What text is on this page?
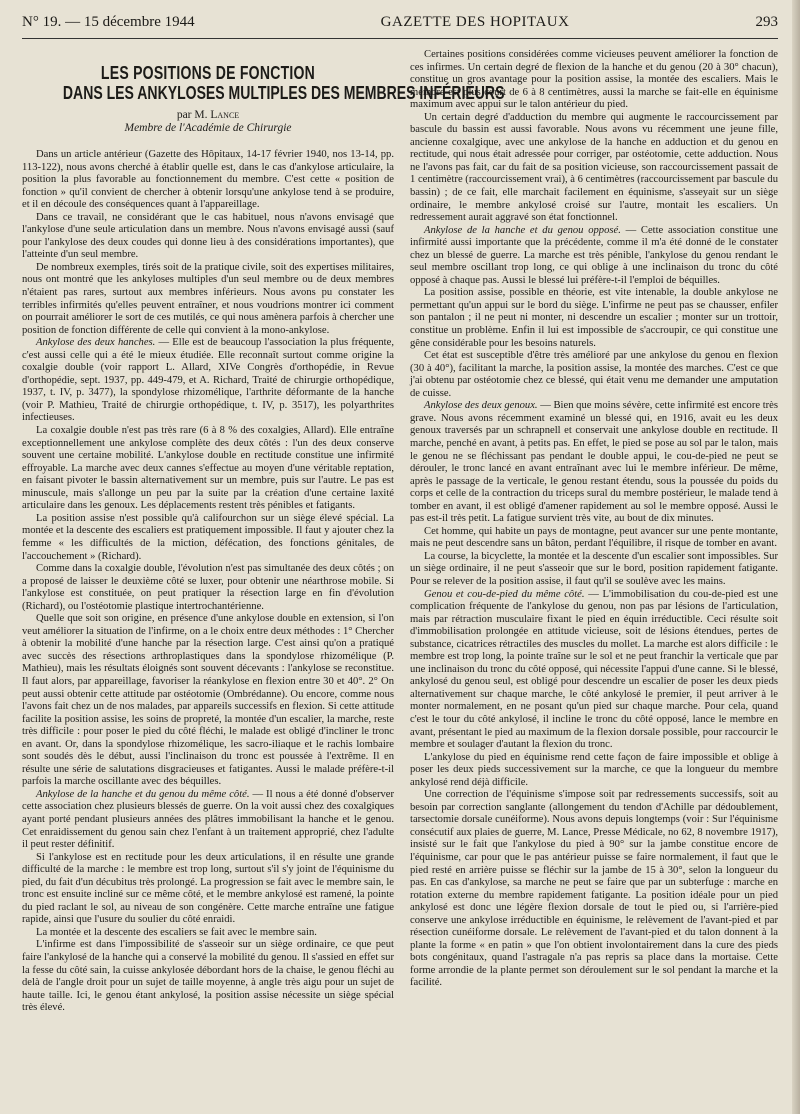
N° 19. — 15 décembre 1944	GAZETTE DES HOPITAUX	293
LES POSITIONS DE FONCTION
DANS LES ANKYLOSES MULTIPLES DES MEMBRES INFÉRIEURS
par M. Lance
Membre de l'Académie de Chirurgie

Dans un article antérieur (Gazette des Hôpitaux, 14-17 février 1940, nos 13-14, pp. 113-122), nous avons cherché à établir quelle est, dans le cas d'ankylose articulaire, la position la plus favorable au fonctionnement du membre. C'est cette « position de fonction » qu'il convient de chercher à obtenir lorsqu'une ankylose tend à se produire, et il en découle des conséquences quant à l'appareillage.

Dans ce travail, ne considérant que le cas habituel, nous n'avons envisagé que l'ankylose d'une seule articulation dans un membre. Nous n'avons envisagé aussi (sauf pour l'ankylose des deux coudes qui donne lieu à des considérations importantes), que l'atteinte d'un seul membre.

De nombreux exemples, tirés soit de la pratique civile, soit des expertises militaires, nous ont montré que les ankyloses multiples d'un seul membre ou de deux membres n'étaient pas rares, surtout aux membres inférieurs. Nous avons pu constater les terribles infirmités qu'elles peuvent entraîner, et nous voudrions montrer ici comment on pourrait améliorer le sort de ces mutilés, ce qui nous amènera parfois à chercher une position de fonction différente de celle qui convient à la mono-ankylose.

Ankylose des deux hanches. — Elle est de beaucoup l'association la plus fréquente, c'est aussi celle qui a été le mieux étudiée. Elle reconnaît surtout comme origine la coxalgie double (voir rapport L. Allard, XIVe Congrès d'orthopédie, in Revue d'orthopédie, sept. 1937, pp. 449-479, et A. Richard, Traité de chirurgie orthopédique, 1937, t. IV, p. 3477), la spondylose rhizomélique, l'arthrite déformante de la hanche (voir P. Mathieu, Traité de chirurgie orthopédique, t. IV, p. 3517), les polyarthrites infectieuses.

La coxalgie double n'est pas très rare (6 à 8 % des coxalgies, Allard). Elle entraîne exceptionnellement une ankylose complète des deux côtés : l'un des deux conserve souvent une certaine mobilité. L'ankylose double en rectitude constitue une infirmité effroyable. La marche avec deux cannes s'effectue au moyen d'une véritable reptation, en faisant pivoter le bassin alternativement sur un membre, puis sur l'autre. Le pas est minuscule, mais s'allonge un peu par la suite par la création d'une certaine laxité articulaire dans les genoux. Les déplacements restent très pénibles et fatigants.

La position assise n'est possible qu'à califourchon sur un siège élevé spécial. La montée et la descente des escaliers est pratiquement impossible. Il faut y ajouter chez la femme « les difficultés de la miction, défécation, des fonctions génitales, de l'accouchement » (Richard).

Comme dans la coxalgie double, l'évolution n'est pas simultanée des deux côtés ; on a proposé de laisser le deuxième côté se luxer, pour obtenir une néarthrose mobile. Si l'ankylose est constituée, on peut pratiquer la résection large en fin d'évolution (Richard), ou l'ostéotomie plastique intertrochantérienne.

Quelle que soit son origine, en présence d'une ankylose double en extension, si l'on veut améliorer la situation de l'infirme, on a le choix entre deux méthodes : 1° Chercher à obtenir la mobilité d'une hanche par la résection large. C'est ainsi qu'on a pratiqué avec succès des résections arthroplastiques dans la spondylose rhizomélique (P. Mathieu), mais les résultats éloignés sont souvent décevants : l'ankylose se reconstitue. Il faut alors, par appareillage, favoriser la réankylose en flexion entre 30 et 40°. 2° On peut aussi obtenir cette attitude par ostéotomie (Ombrédanne). Ou encore, comme nous l'avons fait chez un de nos malades, par appareils successifs en flexion. Si cette attitude facilite la position assise, les soins de propreté, la montée d'un escalier, la marche, reste très difficile : pour poser le pied du côté fléchi, le malade est obligé d'incliner le tronc en avant. Or, dans la spondylose rhizomélique, les sacro-iliaque et le rachis lombaire sont soudés dès le début, aussi l'inclinaison du tronc est poussée à l'extrême. Il en résulte une série de salutations disgracieuses et fatigantes. Aussi le malade préfère-t-il parfois la marche oscillante avec des béquilles.

Ankylose de la hanche et du genou du même côté. — Il nous a été donné d'observer cette association chez plusieurs blessés de guerre. On la voit aussi chez des coxalgiques ayant porté pendant plusieurs années des plâtres immobilisant la hanche et le genou. Cet enraidissement du genou sain chez l'enfant à un traitement approprié, chez l'adulte il peut rester définitif.

Si l'ankylose est en rectitude pour les deux articulations, il en résulte une grande difficulté de la marche : le membre est trop long, surtout s'il s'y joint de l'équinisme du pied, du fait d'un décubitus très prolongé. La progression se fait avec le membre sain, le tronc est ensuite incliné sur ce même côté, et le membre ankylosé est ramené, la pointe du pied raclant le sol, au niveau de son congénère. Cette marche entraîne une fatigue rapide, ainsi que l'usure du soulier du côté enraidi.

La montée et la descente des escaliers se fait avec le membre sain.

L'infirme est dans l'impossibilité de s'asseoir sur un siège ordinaire, ce que peut faire l'ankylosé de la hanche qui a conservé la mobilité du genou. Il s'assied en effet sur la fesse du côté sain, la cuisse ankylosée débordant hors de la chaise, le genou fléchi au delà de l'angle droit pour un sujet de taille moyenne, à angle très aigu pour un sujet de haute taille. Ici, le genou étant ankylosé, la position assise nécessite un siège spécial très élevé.

Certaines positions considérées comme vicieuses peuvent améliorer la fonction de ces infirmes. Un certain degré de flexion de la hanche et du genou (20 à 30° chacun), constitue un gros avantage pour la position assise, la montée des escaliers. Mais le membre est plus court de 6 à 8 centimètres, aussi la marche se fait-elle en équinisme maximum avec appui sur le talon antérieur du pied.

Un certain degré d'adduction du membre qui augmente le raccourcissement par bascule du bassin est aussi favorable. Nous avons vu récemment une jeune fille, ancienne coxalgique, avec une ankylose de la hanche en adduction et du genou en rectitude, qui nous était adressée pour corriger, par ostéotomie, cette adduction. Nous ne l'avons pas fait, car du fait de sa position vicieuse, son raccourcissement passait de 1 centimètre (raccourcissement vrai), à 6 centimètres (raccourcissement par bascule du bassin) ; de ce fait, elle marchait facilement en équinisme, s'asseyait sur un siège ordinaire, le membre ankylosé croisé sur l'autre, montait les escaliers. Un redressement aurait aggravé son état fonctionnel.

Ankylose de la hanche et du genou opposé. — Cette association constitue une infirmité aussi importante que la précédente, comme il m'a été donné de le constater chez un blessé de guerre. La marche est très pénible, l'ankylose du genou rendant le seul membre oscillant trop long, ce qui oblige à une inclinaison du tronc du côté opposé à chaque pas. Aussi le blessé lui préfère-t-il l'emploi de béquilles.

La position assise, possible en théorie, est vite intenable, la double ankylose ne permettant qu'un appui sur le bord du siège. L'infirme ne peut pas se chausser, enfiler son pantalon ; il ne peut ni monter, ni descendre un escalier ; monter sur un trottoir, constitue un problème. Enfin il lui est impossible de s'accroupir, ce qui constitue une gêne considérable pour les besoins naturels.

Cet état est susceptible d'être très amélioré par une ankylose du genou en flexion (30 à 40°), facilitant la marche, la position assise, la montée des marches. C'est ce que j'ai obtenu par ostéotomie chez ce blessé, qui était venu me demander une amputation de cuisse.

Ankylose des deux genoux. — Bien que moins sévère, cette infirmité est encore très grave. Nous avons récemment examiné un blessé qui, en 1916, avait eu les deux genoux traversés par un schrapnell et conservait une ankylose double en rectitude. Il marche, penché en avant, à petits pas. En effet, le pied se pose au sol par le talon, mais le genou ne se fléchissant pas pendant le double appui, le cou-de-pied ne peut se dérouler, le tronc lancé en avant entraînant avec lui le membre inférieur. De même, après le passage de la verticale, le genou restant étendu, sous la poussée du poids du corps et celle de la contraction du triceps sural du membre postérieur, le malade tend à tomber en avant, il est obligé d'amener rapidement au sol le membre opposé. Aussi le pas est-il très petit. La fatigue survient très vite, au bout de dix minutes.

Cet homme, qui habite un pays de montagne, peut avancer sur une pente montante, mais ne peut descendre sans un bâton, perdant l'équilibre, il risque de tomber en avant.

La course, la bicyclette, la montée et la descente d'un escalier sont impossibles. Sur un siège ordinaire, il ne peut s'asseoir que sur le bord, position rapidement fatigante. Pour se relever de la position assise, il faut qu'il se soulève avec les mains.

Genou et cou-de-pied du même côté. — L'immobilisation du cou-de-pied est une complication fréquente de l'ankylose du genou, non pas par lésions de l'articulation, mais par rétraction musculaire fixant le pied en équin irréductible. Ceci résulte soit d'immobilisation prolongée en attitude vicieuse, soit de lésions étendues, pertes de substance, cicatrices rétractiles des muscles du mollet. La marche est alors difficile : le membre est trop long, la pointe traîne sur le sol et ne peut franchir la verticale que par une inclinaison du tronc du côté opposé, qui nécessite l'appui d'une canne. Si le blessé, ankylosé du genou seul, est obligé pour descendre un escalier de poser les deux pieds alternativement sur chaque marche, le côté ankylosé le premier, il peut arriver à le monter normalement, en ne posant qu'un pied sur chaque marche. Pour cela, quand c'est le tour du côté ankylosé, il incline le tronc du côté opposé, lance le membre en avant, présentant le pied au maximum de la flexion dorsale possible, pour raccourcir le membre et soulager d'autant la flexion du tronc.

L'ankylose du pied en équinisme rend cette façon de faire impossible et oblige à poser les deux pieds successivement sur la marche, ce que la longueur du membre ankylosé rend déjà difficile.

Une correction de l'équinisme s'impose soit par redressements successifs, soit au besoin par correction sanglante (allongement du tendon d'Achille par dédoublement, tarsectomie dorsale cunéiforme). Nous avons depuis longtemps (voir : Sur l'équinisme consécutif aux plaies de guerre, M. Lance, Presse Médicale, no 62, 8 novembre 1917), insisté sur le fait que l'ankylose du pied à 90° sur la jambe constitue encore de l'équinisme, car pour que le pas antérieur puisse se faire normalement, il faut que le pied resté en arrière puisse se fléchir sur la jambe de 15 à 30°, selon la longueur du pas. En cas d'ankylose, sa marche ne peut se faire que par un subterfuge : marche en rotation externe du membre rapidement fatigante. La position idéale pour un pied ankylosé est donc une légère flexion dorsale de tout le pied ou, si l'arrière-pied conserve une ankylose irréductible en équinisme, le relèvement de l'avant-pied et par résection cunéiforme dorsale. Le relèvement de l'avant-pied et du talon donnent à la plante la forme « en patin » que l'on obtient involontairement dans la cure des pieds bots congénitaux, quand l'astragale n'a pas repris sa place dans la mortaise. Cette forme arrondie de la plante permet son déroulement sur le sol pendant la marche et la facilité.
